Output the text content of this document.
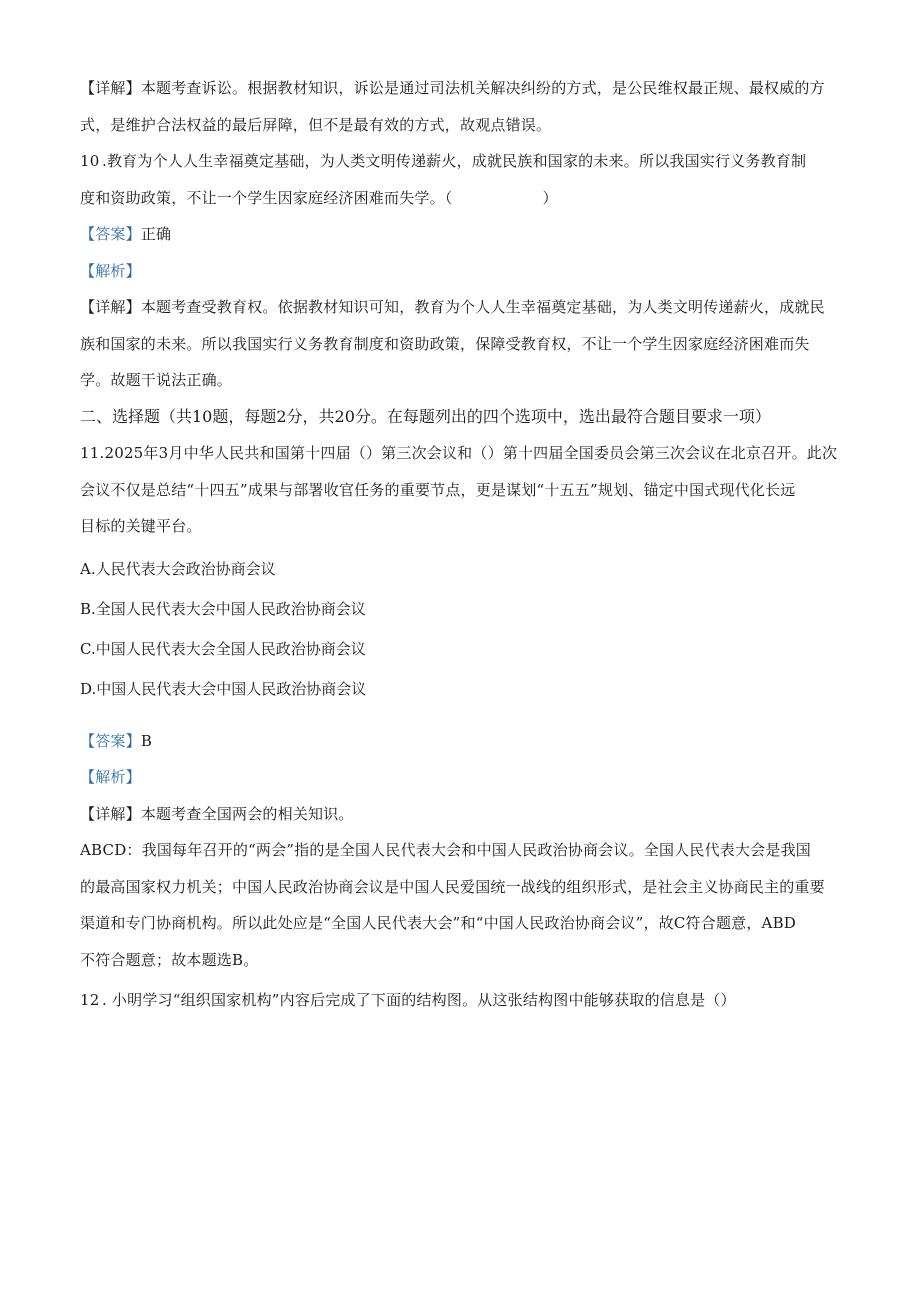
【详解】本题考查诉讼。根据教材知识，诉讼是通过司法机关解决纠纷的方式，是公民维权最正规、最权威的方
式，是维护合法权益的最后屏障，但不是最有效的方式，故观点错误。
10 .教育为个人人生幸福奠定基础，为人类文明传递薪火，成就民族和国家的未来。所以我国实行义务教育制
度和资助政策，不让一个学生因家庭经济困难而失学。（	）
【答案】正确
【解析】
【详解】本题考查受教育权。依据教材知识可知，教育为个人人生幸福奠定基础，为人类文明传递薪火，成就民
族和国家的未来。所以我国实行义务教育制度和资助政策，保障受教育权，不让一个学生因家庭经济困难而失
学。故题干说法正确。
二、选择题（共10题，每题2分，共20分。在每题列出的四个选项中，选出最符合题目要求一项）
11.2025年3月中华人民共和国第十四届（）第三次会议和（）第十四届全国委员会第三次会议在北京召开。此次
会议不仅是总结“十四五”成果与部署收官任务的重要节点，更是谋划“十五五”规划、锚定中国式现代化长远
目标的关键平台。
A.人民代表大会政治协商会议
B.全国人民代表大会中国人民政治协商会议
C.中国人民代表大会全国人民政治协商会议
D.中国人民代表大会中国人民政治协商会议
【答案】B
【解析】
【详解】本题考查全国两会的相关知识。
ABCD：我国每年召开的“两会”指的是全国人民代表大会和中国人民政治协商会议。全国人民代表大会是我国
的最高国家权力机关；中国人民政治协商会议是中国人民爱国统一战线的组织形式，是社会主义协商民主的重要
渠道和专门协商机构。所以此处应是“全国人民代表大会”和“中国人民政治协商会议”，故C符合题意，ABD
不符合题意；故本题选B。
12 . 小明学习“组织国家机构”内容后完成了下面的结构图。从这张结构图中能够获取的信息是（）
